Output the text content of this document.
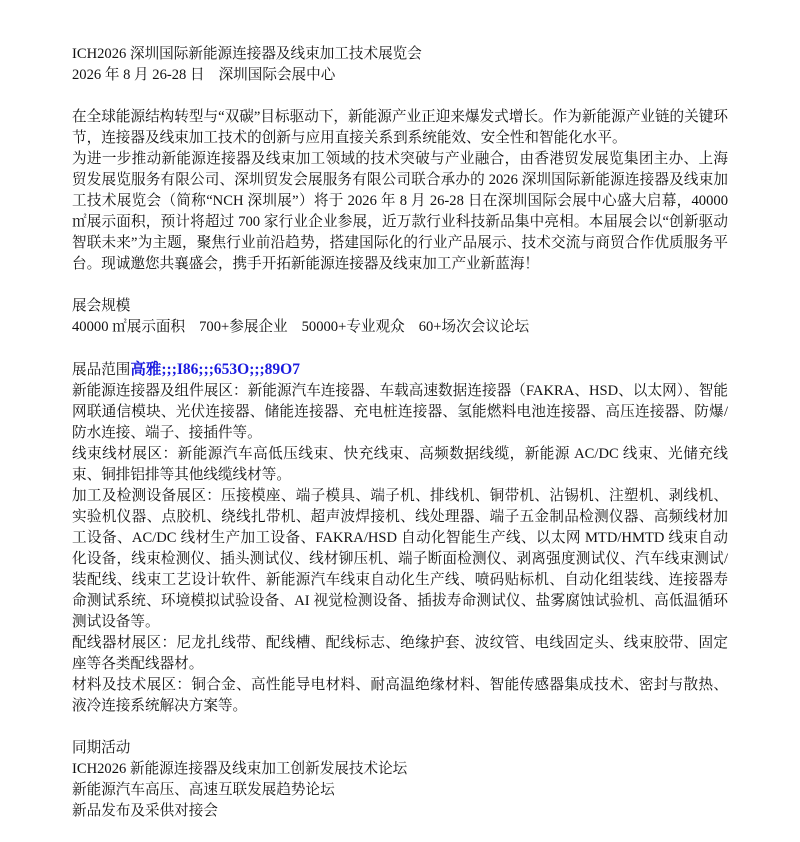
ICH2026 深圳国际新能源连接器及线束加工技术展览会
2026 年 8 月 26-28 日 深圳国际会展中心
在全球能源结构转型与“双碳”目标驱动下，新能源产业正迎来爆发式增长。作为新能源产业链的关键环节，连接器及线束加工技术的创新与应用直接关系到系统能效、安全性和智能化水平。
为进一步推动新能源连接器及线束加工领域的技术突破与产业融合，由香港贸发展览集团主办、上海贸发展览服务有限公司、深圳贸发会展服务有限公司联合承办的 2026 深圳国际新能源连接器及线束加工技术展览会（简称“NCH 深圳展”）将于 2026 年 8 月 26-28 日在深圳国际会展中心盛大启幕，40000 ㎡展示面积，预计将超过 700 家行业企业参展，近万款行业科技新品集中亮相。本届展会以“创新驱动 智联未来”为主题，聚焦行业前沿趋势，搭建国际化的行业产品展示、技术交流与商贸合作优质服务平台。现诚邀您共襄盛会，携手开拓新能源连接器及线束加工产业新蓝海！
展会规模
40000 ㎡展示面积 700+参展企业 50000+专业观众 60+场次会议论坛
展品范围高雅;;;I86;;;653O;;;89O7
新能源连接器及组件展区：新能源汽车连接器、车载高速数据连接器（FAKRA、HSD、以太网）、智能网联通信模块、光伏连接器、储能连接器、充电桩连接器、氢能燃料电池连接器、高压连接器、防爆/防水连接、端子、接插件等。
线束线材展区：新能源汽车高低压线束、快充线束、高频数据线缆，新能源 AC/DC 线束、光储充线束、铜排铝排等其他线缆线材等。
加工及检测设备展区：压接模座、端子模具、端子机、排线机、铜带机、沾锡机、注塑机、剥线机、实验机仪器、点胶机、绕线扎带机、超声波焊接机、线处理器、端子五金制品检测仪器、高频线材加工设备、AC/DC 线材生产加工设备、FAKRA/HSD 自动化智能生产线、以太网 MTD/HMTD 线束自动化设备，线束检测仪、插头测试仪、线材铆压机、端子断面检测仪、剥离强度测试仪、汽车线束测试/装配线、线束工艺设计软件、新能源汽车线束自动化生产线、喷码贴标机、自动化组装线、连接器寿命测试系统、环境模拟试验设备、AI 视觉检测设备、插拔寿命测试仪、盐雾腐蚀试验机、高低温循环测试设备等。
配线器材展区：尼龙扎线带、配线槽、配线标志、绝缘护套、波纹管、电线固定头、线束胶带、固定座等各类配线器材。
材料及技术展区：铜合金、高性能导电材料、耐高温绝缘材料、智能传感器集成技术、密封与散热、液冷连接系统解决方案等。
同期活动
ICH2026 新能源连接器及线束加工创新发展技术论坛
新能源汽车高压、高速互联发展趋势论坛
新品发布及采供对接会
